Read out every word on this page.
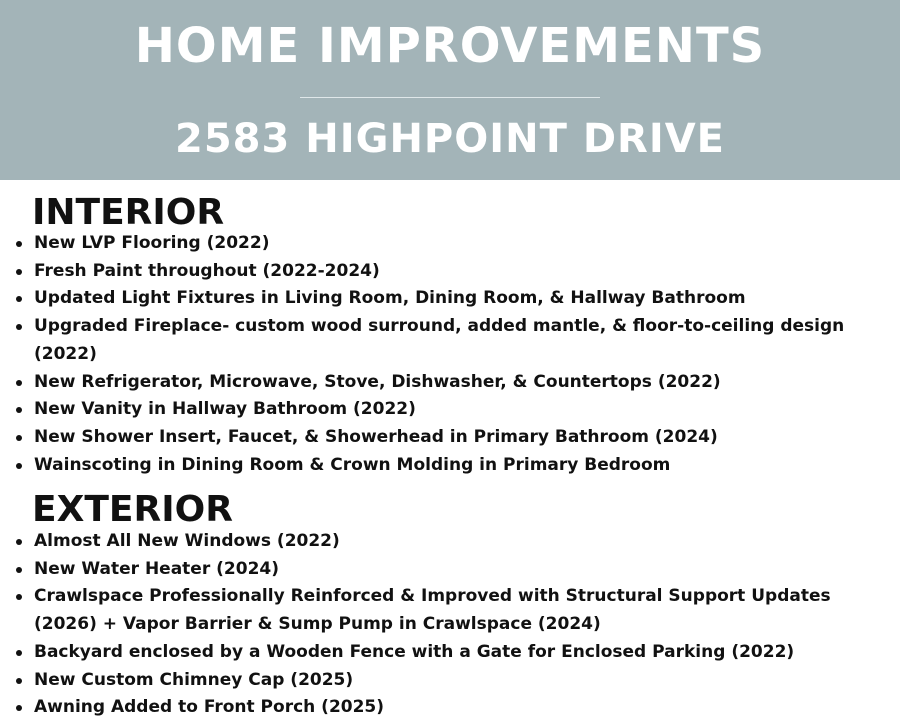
HOME IMPROVEMENTS
2583 HIGHPOINT DRIVE
INTERIOR
New LVP Flooring (2022)
Fresh Paint throughout (2022-2024)
Updated Light Fixtures in Living Room, Dining Room, & Hallway Bathroom
Upgraded Fireplace- custom wood surround, added mantle, & floor-to-ceiling design (2022)
New Refrigerator, Microwave, Stove, Dishwasher, & Countertops (2022)
New Vanity in Hallway Bathroom (2022)
New Shower Insert, Faucet, & Showerhead in Primary Bathroom (2024)
Wainscoting in Dining Room & Crown Molding in Primary Bedroom
EXTERIOR
Almost All New Windows (2022)
New Water Heater (2024)
Crawlspace Professionally Reinforced & Improved with Structural Support Updates (2026) + Vapor Barrier & Sump Pump in Crawlspace (2024)
Backyard enclosed by a Wooden Fence with a Gate for Enclosed Parking (2022)
New Custom Chimney Cap (2025)
Awning Added to Front Porch (2025)
